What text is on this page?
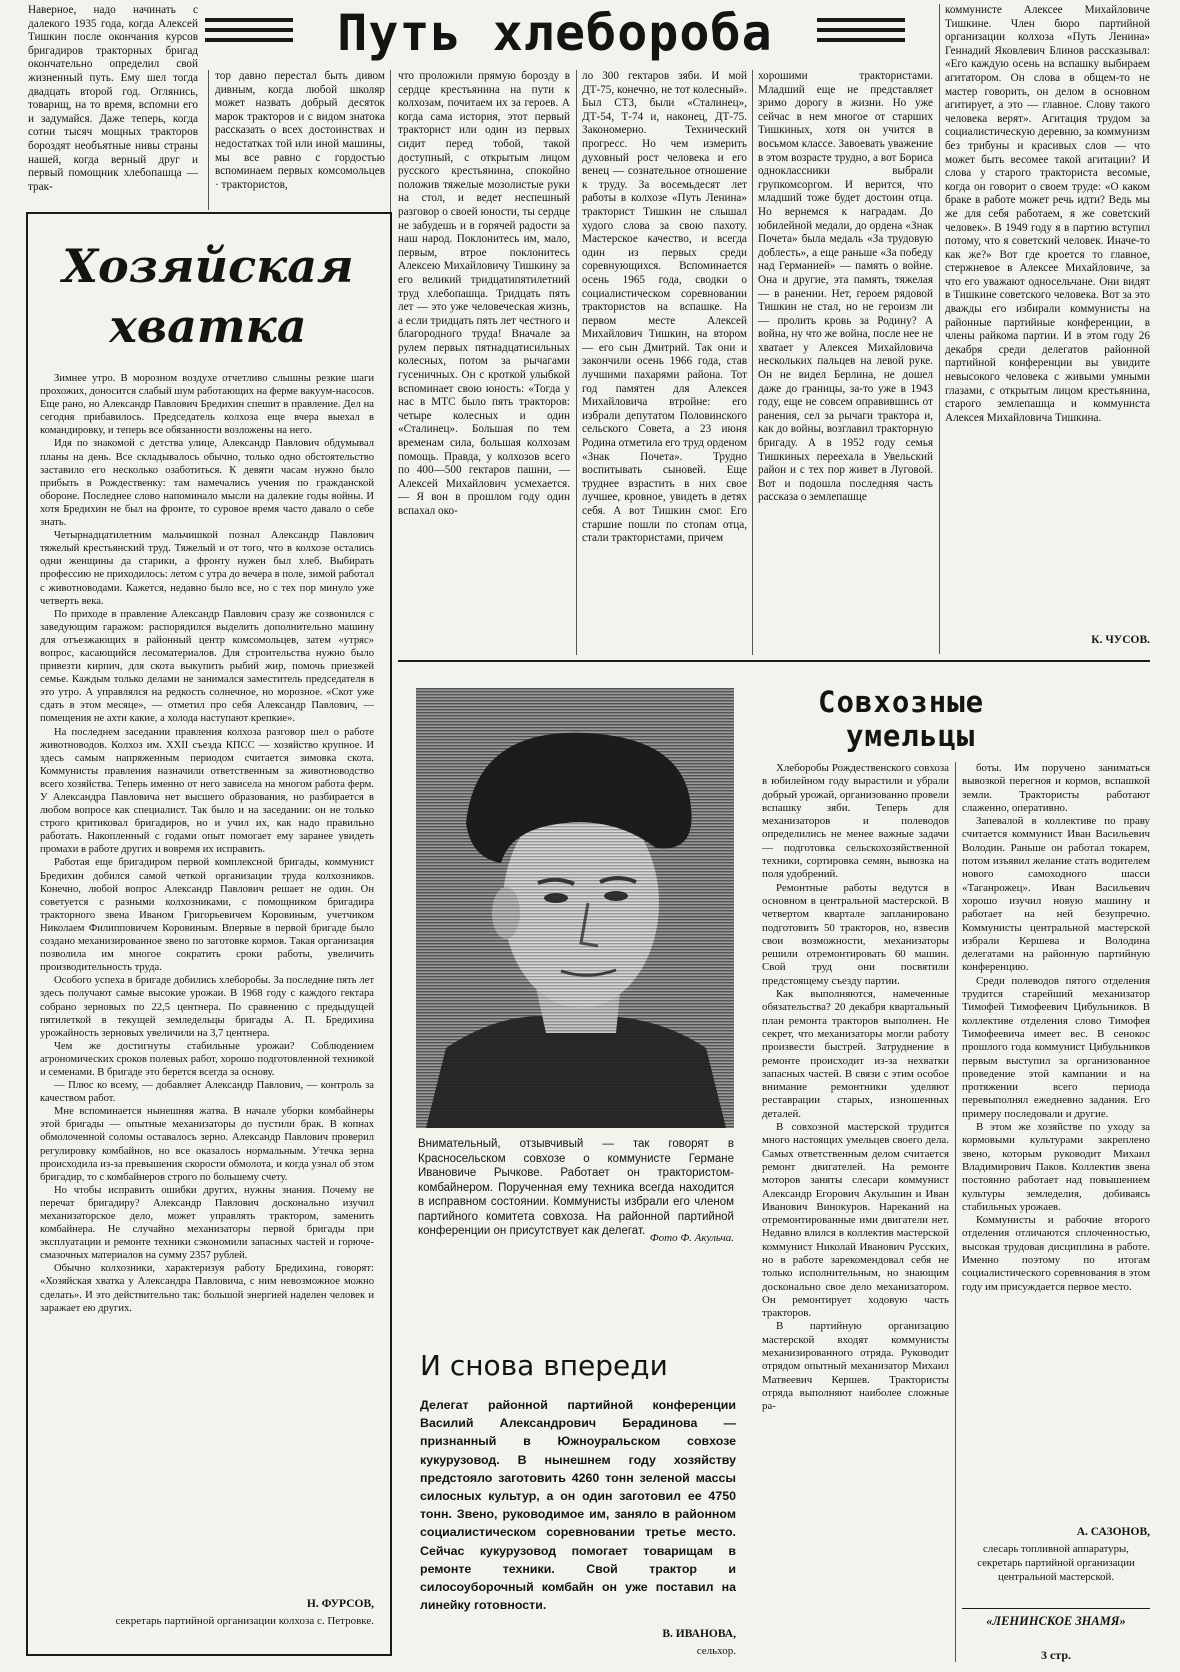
Путь хлебороба
Наверное, надо начинать с далекого 1935 года, когда Алексей Тишкин после окончания курсов бригадиров тракторных бригад окончательно определил свой жизненный путь. Ему шел тогда двадцать второй год. Оглянись, товарищ, на то время, вспомни его и задумайся. Даже теперь, когда сотни тысяч мощных тракторов бороздят необъятные нивы страны нашей, когда верный друг и первый помощник хлебопашца — трак-
тор давно перестал быть дивом дивным, когда любой школяр может назвать добрый десяток марок тракторов и с видом знатока рассказать о всех достоинствах и недостатках той или иной машины, мы все равно с гордостью вспоминаем первых комсомольцев · трактористов,
что проложили прямую борозду в сердце крестьянина на пути к колхозам, почитаем их за героев. А когда сама история, этот первый тракторист или один из первых сидит перед тобой, такой доступный, с открытым лицом русского крестьянина, спокойно положив тяжелые мозолистые руки на стол, и ведет неспешный разговор о своей юности, ты сердце не забудешь и в горячей радости за наш народ. Поклонитесь им, мало, первым, втрое поклонитесь Алексею Михайловичу Тишкину за его великий тридцатипятилетний труд хлебопашца. Тридцать пять лет — это уже человеческая жизнь, а если тридцать пять лет честного и благородного труда! Вначале за рулем первых пятнадцатисильных колесных, потом за рычагами гусеничных. Он с кроткой улыбкой вспоминает свою юность: «Тогда у нас в МТС было пять тракторов: четыре колесных и один «Сталинец». Большая по тем временам сила, большая колхозам помощь. Правда, у колхозов всего по 400—500 гектаров пашни, — Алексей Михайлович усмехается. — Я вон в прошлом году один вспахал око-
ло 300 гектаров зяби. И мой ДТ-75, конечно, не тот колесный». Был СТЗ, были «Сталинец», ДТ-54, Т-74 и, наконец, ДТ-75. Закономерно. Технический прогресс. Но чем измерить духовный рост человека и его венец — сознательное отношение к труду. За восемьдесят лет работы в колхозе «Путь Ленина» тракторист Тишкин не слышал худого слова за свою пахоту. Мастерское качество, и всегда один из первых среди соревнующихся. Вспоминается осень 1965 года, сводки о социалистическом соревновании трактористов на вспашке. На первом месте Алексей Михайлович Тишкин, на втором — его сын Дмитрий. Так они и закончили осень 1966 года, став лучшими пахарями района. Тот год памятен для Алексея Михайловича втройне: его избрали депутатом Половинского сельского Совета, а 23 июня Родина отметила его труд орденом «Знак Почета». Трудно воспитывать сыновей. Еще труднее взрастить в них свое лучшее, кровное, увидеть в детях себя. А вот Тишкин смог. Его старшие пошли по стопам отца, стали трактористами, причем
хорошими трактористами. Младший еще не представляет зримо дорогу в жизни. Но уже сейчас в нем многое от старших Тишкиных, хотя он учится в восьмом классе. Завоевать уважение в этом возрасте трудно, а вот Бориса одноклассники выбрали групкомсоргом. И верится, что младший тоже будет достоин отца. Но вернемся к наградам. До юбилейной медали, до ордена «Знак Почета» была медаль «За трудовую доблесть», а еще раньше «За победу над Германией» — память о войне. Она и другие, эта память, тяжелая — в ранении. Нет, героем рядовой Тишкин не стал, но не героизм ли — пролить кровь за Родину? А война, ну что же война, после нее не хватает у Алексея Михайловича нескольких пальцев на левой руке. Он не видел Берлина, не дошел даже до границы, за-то уже в 1943 году, еще не совсем оправившись от ранения, сел за рычаги трактора и, как до войны, возглавил тракторную бригаду. А в 1952 году семья Тишкиных переехала в Увельский район и с тех пор живет в Луговой. Вот и подошла последняя часть рассказа о землепашце
коммунисте Алексее Михайловиче Тишкине. Член бюро партийной организации колхоза «Путь Ленина» Геннадий Яковлевич Блинов рассказывал: «Его каждую осень на вспашку выбираем агитатором. Он слова в общем-то не мастер говорить, он делом в основном агитирует, а это — главное. Слову такого человека верят». Агитация трудом за социалистическую деревню, за коммунизм без трибуны и красивых слов — что может быть весомее такой агитации? И слова у старого тракториста весомые, когда он говорит о своем труде: «О каком браке в работе может речь идти? Ведь мы же для себя работаем, я же советский человек». В 1949 году я в партию вступил потому, что я советский человек. Иначе-то как же?» Вот где кроется то главное, стержневое в Алексее Михайловиче, за что его уважают односельчане. Они видят в Тишкине советского человека. Вот за это дважды его избирали коммунисты на районные партийные конференции, в члены райкома партии. И в этом году 26 декабря среди делегатов районной партийной конференции вы увидите невысокого человека с живыми умными глазами, с открытым лицом крестьянина, старого землепашца и коммуниста Алексея Михайловича Тишкина.
К. ЧУСОВ.
Хозяйская
хватка

Зимнее утро. В морозном воздухе отчетливо слышны резкие шаги прохожих, доносится слабый шум работающих на ферме вакуум-насосов. Еще рано, но Александр Павлович Бредихин спешит в правление. Дел на сегодня прибавилось. Председатель колхоза еще вчера выехал в командировку, и теперь все обязанности возложены на него.

Идя по знакомой с детства улице, Александр Павлович обдумывал планы на день. Все складывалось обычно, только одно обстоятельство заставило его несколько озаботиться. К девяти часам нужно было прибыть в Рождественку: там намечались учения по гражданской обороне. Последнее слово напоминало мысли на далекие годы войны. И хотя Бредихин не был на фронте, то суровое время часто давало о себе знать.

Четырнадцатилетним мальчишкой познал Александр Павлович тяжелый крестьянский труд. Тяжелый и от того, что в колхозе остались одни женщины да старики, а фронту нужен был хлеб. Выбирать профессию не приходилось: летом с утра до вечера в поле, зимой работал с животноводами. Кажется, недавно было все, но с тех пор минуло уже четверть века.

По приходе в правление Александр Павлович сразу же созвонился с заведующим гаражом: распорядился выделить дополнительно машину для отъезжающих в районный центр комсомольцев, затем «утряс» вопрос, касающийся лесоматериалов. Для строительства нужно было привезти кирпич, для скота выкупить рыбий жир, помочь приезжей семье. Каждым только делами не занимался заместитель председателя в это утро. А управлялся на редкость солнечное, но морозное. «Скот уже сдать в этом месяце», — отметил про себя Александр Павлович, — помещения не ахти какие, а холода наступают крепкие».

На последнем заседании правления колхоза разговор шел о работе животноводов. Колхоз им. XXII съезда КПСС — хозяйство крупное. И здесь самым напряженным периодом считается зимовка скота. Коммунисты правления назначили ответственным за животноводство всего хозяйства. Теперь именно от него зависела на многом работа ферм. У Александра Павловича нет высшего образования, но разбирается в любом вопросе как специалист. Так было и на заседании: он не только строго критиковал бригадиров, но и учил их, как надо правильно работать. Накопленный с годами опыт помогает ему заранее увидеть промахи в работе других и вовремя их исправить.

Работая еще бригадиром первой комплексной бригады, коммунист Бредихин добился самой четкой организации труда колхозников. Конечно, любой вопрос Александр Павлович решает не один. Он советуется с разными колхозниками, с помощником бригадира тракторного звена Иваном Григорьевичем Коровиным, учетчиком Николаем Филипповичем Коровиным. Впервые в первой бригаде было создано механизированное звено по заготовке кормов. Такая организация позволила им многое сократить сроки работы, увеличить производительность труда.

Особого успеха в бригаде добились хлеборобы. За последние пять лет здесь получают самые высокие урожаи. В 1968 году с каждого гектара собрано зерновых по 22,5 центнера. По сравнению с предыдущей пятилеткой в текущей земледельцы бригады А. П. Бредихина урожайность зерновых увеличили на 3,7 центнера.

Чем же достигнуты стабильные урожаи? Соблюдением агрономических сроков полевых работ, хорошо подготовленной техникой и семенами. В бригаде это берется всегда за основу.

— Плюс ко всему, — добавляет Александр Павлович, — контроль за качеством работ.

Мне вспоминается нынешняя жатва. В начале уборки комбайнеры этой бригады — опытные механизаторы до пустили брак. В копнах обмолоченной соломы оставалось зерно. Александр Павлович проверил регулировку комбайнов, но все оказалось нормальным. Утечка зерна происходила из-за превышения скорости обмолота, и когда узнал об этом бригадир, то с комбайнеров строго по большему счету.

Но чтобы исправить ошибки других, нужны знания. Почему не перечат бригадиру? Александр Павлович досконально изучил механизаторское дело, может управлять трактором, заменить комбайнера. Не случайно механизаторы первой бригады при эксплуатации и ремонте техники сэкономили запасных частей и горюче-смазочных материалов на сумму 2357 рублей.

Обычно колхозники, характеризуя работу Бредихина, говорят: «Хозяйская хватка у Александра Павловича, с ним невозможное можно сделать». И это действительно так: большой энергией наделен человек и заражает ею других.

Н. ФУРСОВ,
секретарь партийной организации колхоза с. Петровке.
Внимательный, отзывчивый — так говорят в Красносельском совхозе о коммунисте Германе Ивановиче Рычкове. Работает он трактористом-комбайнером. Порученная ему техника всегда находится в исправном состоянии. Коммунисты избрали его членом партийного комитета совхоза. На районной партийной конференции он присутствует как делегат.
Фото Ф. Акульча.
И снова впереди
Делегат районной партийной конференции Василий Александрович Берадинова — признанный в Южноуральском совхозе кукурузовод. В нынешнем году хозяйству предстояло заготовить 4260 тонн зеленой массы силосных культур, а он один заготовил ее 4750 тонн. Звено, руководимое им, заняло в районном социалистическом соревновании третье место. Сейчас кукурузовод помогает товарищам в ремонте техники. Свой трактор и силосоуборочный комбайн он уже поставил на линейку готовности.
В. ИВАНОВА,
сельхор.
Совхозные
умельцы

Хлеборобы Рождественского совхоза в юбилейном году вырастили и убрали добрый урожай, организованно провели вспашку зяби. Теперь для механизаторов и полеводов определились не менее важные задачи — подготовка сельскохозяйственной техники, сортировка семян, вывозка на поля удобрений.

Ремонтные работы ведутся в основном в центральной мастерской. В четвертом квартале запланировано подготовить 50 тракторов, но, взвесив свои возможности, механизаторы решили отремонтировать 60 машин. Свой труд они посвятили предстоящему съезду партии.

Как выполняются, намеченные обязательства? 20 декабря квартальный план ремонта тракторов выполнен. Не секрет, что механизаторы могли работу произвести быстрей. Затруднение в ремонте происходит из-за нехватки запасных частей. В связи с этим особое внимание ремонтники уделяют реставрации старых, изношенных деталей.

В совхозной мастерской трудится много настоящих умельцев своего дела. Самых ответственным делом считается ремонт двигателей. На ремонте моторов заняты слесари коммунист Александр Егорович Акульшин и Иван Иванович Винокуров. Нареканий на отремонтированные ими двигатели нет. Недавно влился в коллектив мастерской коммунист Николай Иванович Русских, но в работе зарекомендовал себя не только исполнительным, но знающим досконально свое дело механизатором. Он ремонтирует ходовую часть тракторов.

В партийную организацию мастерской входят коммунисты механизированного отряда. Руководит отрядом опытный механизатор Михаил Матвеевич Кершев. Трактористы отряда выполняют наиболее сложные ра-

боты. Им поручено заниматься вывозкой перегноя и кормов, вспашкой земли. Трактористы работают слаженно, оперативно.

Запевалой в коллективе по праву считается коммунист Иван Васильевич Володин. Раньше он работал токарем, потом изъявил желание стать водителем нового самоходного шасси «Таганрожец». Иван Васильевич хорошо изучил новую машину и работает на ней безупречно. Коммунисты центральной мастерской избрали Кершева и Володина делегатами на районную партийную конференцию.

Среди полеводов пятого отделения трудится старейший механизатор Тимофей Тимофеевич Цибульников. В коллективе отделения слово Тимофея Тимофеевича имеет вес. В сенокос прошлого года коммунист Цибульников первым выступил за организованное проведение этой кампании и на протяжении всего периода перевыполнял ежедневно задания. Его примеру последовали и другие.

В этом же хозяйстве по уходу за кормовыми культурами закреплено звено, которым руководит Михаил Владимирович Паков. Коллектив звена постоянно работает над повышением культуры земледелия, добиваясь стабильных урожаев.

Коммунисты и рабочие второго отделения отличаются сплоченностью, высокая трудовая дисциплина в работе. Именно поэтому по итогам социалистического соревнования в этом году им присуждается первое место.

А. САЗОНОВ,
слесарь топливной аппаратуры, секретарь партийной организации центральной мастерской.
«ЛЕНИНСКОЕ ЗНАМЯ»
3 стр.
